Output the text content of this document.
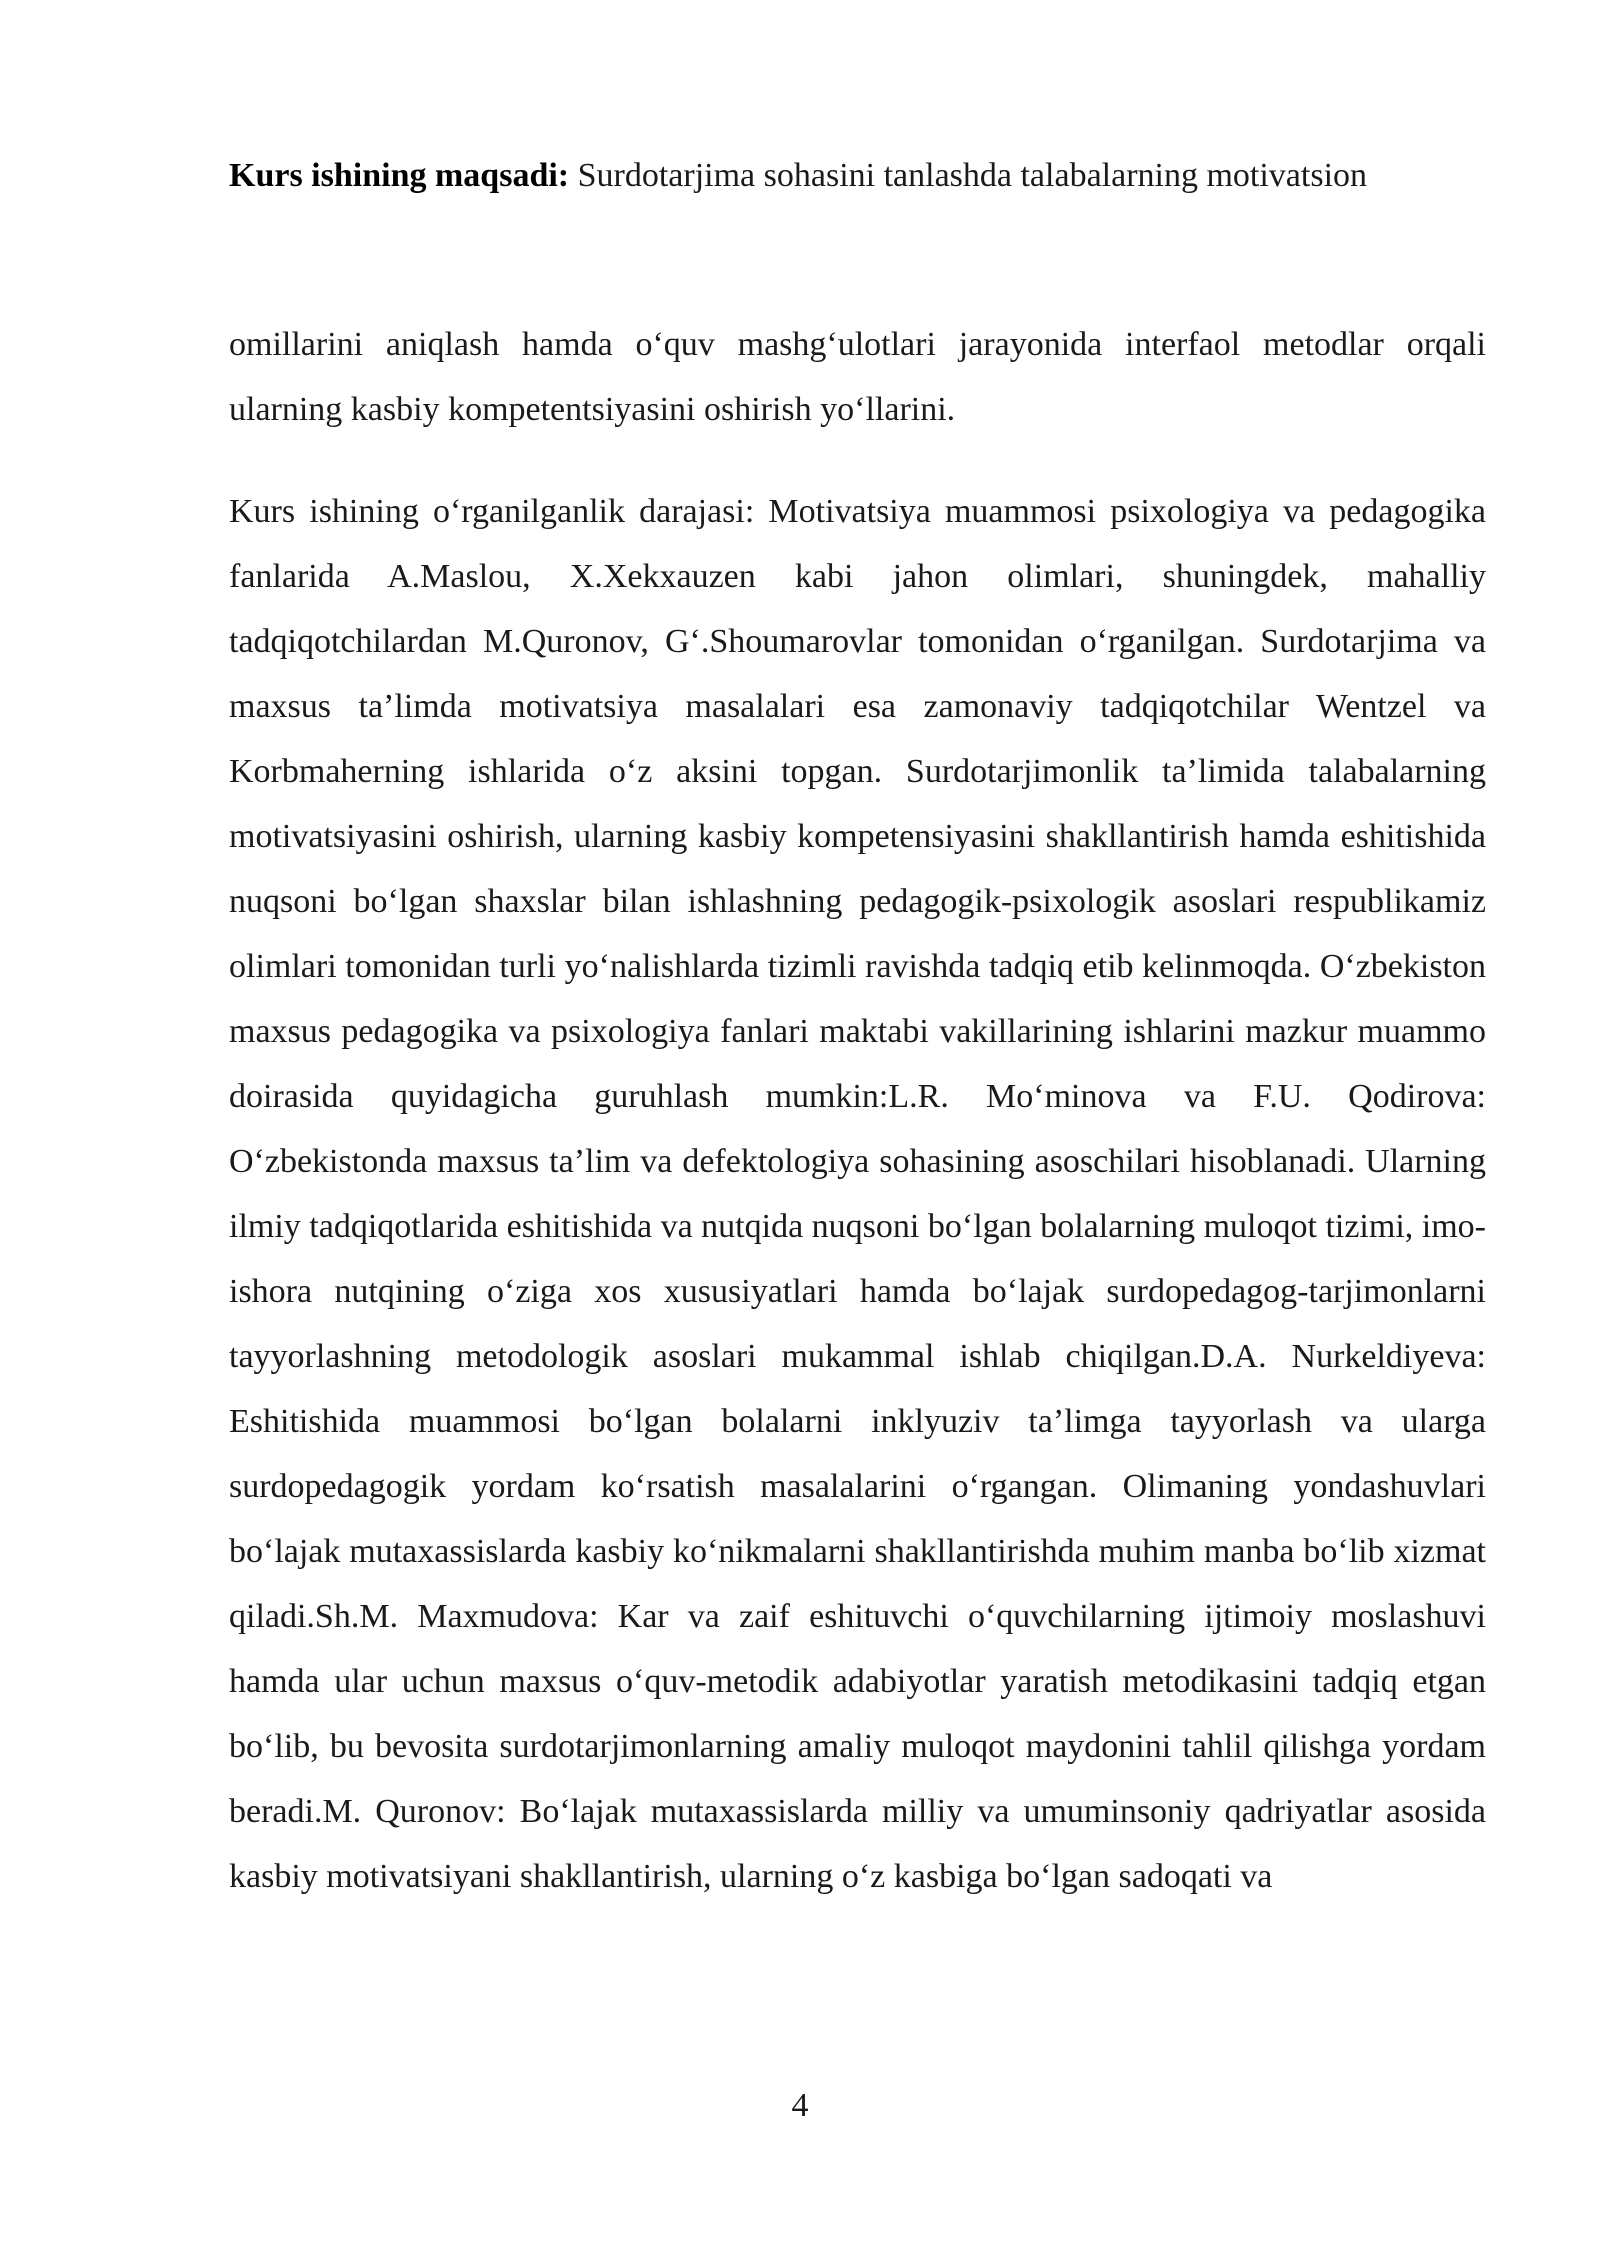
Kurs ishining maqsadi: Surdotarjima sohasini tanlashda talabalarning motivatsion

omillarini aniqlash hamda o‘quv mashg‘ulotlari jarayonida interfaol metodlar orqali ularning kasbiy kompetentsiyasini oshirish yo‘llarini.

Kurs ishining o‘rganilganlik darajasi: Motivatsiya muammosi psixologiya va pedagogika fanlarida A.Maslou, X.Xekxauzen kabi jahon olimlari, shuningdek, mahalliy tadqiqotchilardan M.Quronov, G‘.Shoumarovlar tomonidan o‘rganilgan. Surdotarjima va maxsus ta’limda motivatsiya masalalari esa zamonaviy tadqiqotchilar Wentzel va Korbmaherning ishlarida o‘z aksini topgan. Surdotarjimonlik ta’limida talabalarning motivatsiyasini oshirish, ularning kasbiy kompetensiyasini shakllantirish hamda eshitishida nuqsoni bo‘lgan shaxslar bilan ishlashning pedagogik-psixologik asoslari respublikamiz olimlari tomonidan turli yo‘nalishlarda tizimli ravishda tadqiq etib kelinmoqda. O‘zbekiston maxsus pedagogika va psixologiya fanlari maktabi vakillarining ishlarini mazkur muammo doirasida quyidagicha guruhlash mumkin:L.R. Mo‘minova va F.U. Qodirova: O‘zbekistonda maxsus ta’lim va defektologiya sohasining asoschilari hisoblanadi. Ularning ilmiy tadqiqotlarida eshitishida va nutqida nuqsoni bo‘lgan bolalarning muloqot tizimi, imo-ishora nutqining o‘ziga xos xususiyatlari hamda bo‘lajak surdopedagog-tarjimonlarni tayyorlashning metodologik asoslari mukammal ishlab chiqilgan.D.A. Nurkeldiyeva: Eshitishida muammosi bo‘lgan bolalarni inklyuziv ta’limga tayyorlash va ularga surdopedagogik yordam ko‘rsatish masalalarini o‘rgangan. Olimaning yondashuvlari bo‘lajak mutaxassislarda kasbiy ko‘nikmalarni shakllantirishda muhim manba bo‘lib xizmat qiladi.Sh.M. Maxmudova: Kar va zaif eshituvchi o‘quvchilarning ijtimoiy moslashuvi hamda ular uchun maxsus o‘quv-metodik adabiyotlar yaratish metodikasini tadqiq etgan bo‘lib, bu bevosita surdotarjimonlarning amaliy muloqot maydonini tahlil qilishga yordam beradi.M. Quronov: Bo‘lajak mutaxassislarda milliy va umuminsoniy qadriyatlar asosida kasbiy motivatsiyani shakllantirish, ularning o‘z kasbiga bo‘lgan sadoqati va

4
